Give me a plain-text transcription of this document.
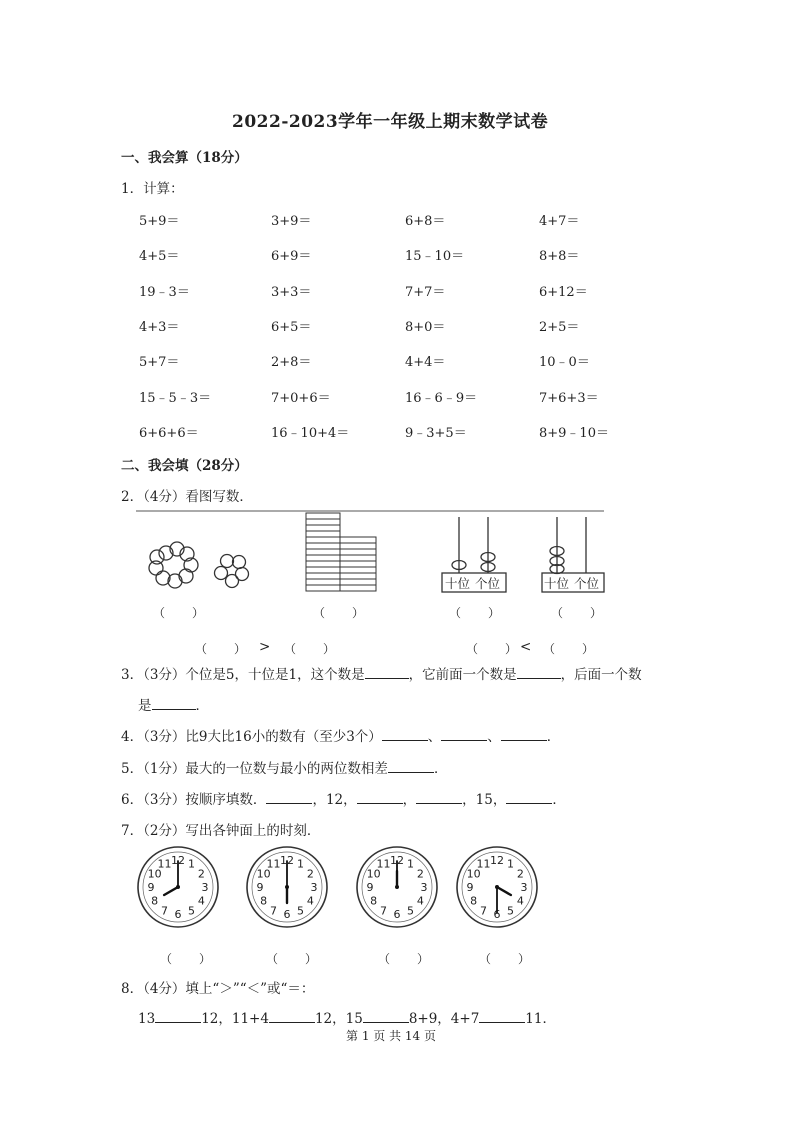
2022-2023学年一年级上期末数学试卷
一、我会算（18分）
1．计算：
5+9＝	3+9＝	6+8＝	4+7＝
4+5＝	6+9＝	15﹣10＝	8+8＝
19﹣3＝	3+3＝	7+7＝	6+12＝
4+3＝	6+5＝	8+0＝	2+5＝
5+7＝	2+8＝	4+4＝	10﹣0＝
15﹣5﹣3＝	7+0+6＝	16﹣6﹣9＝	7+6+3＝
6+6+6＝	16﹣10+4＝	9﹣3+5＝	8+9﹣10＝
二、我会填（28分）
2．（4分）看图写数．
十位 个位	十位 个位
（　　）	（　　）	（　　）	（　　）
（　　） > （　　）	（　　） < （　　）
3．（3分）个位是5，十位是1，这个数是	，它前面一个数是	，后面一个数
是	．
4．（3分）比9大比16小的数有（至少3个）	、	、	．
5．（1分）最大的一位数与最小的两位数相差	．
6．（3分）按顺序填数．	，12，	，	，15，	．
7．（2分）写出各钟面上的时刻．
12 1
2
3
4
5
6
7
8
9
10
11	12 1
2
3
4
5
6
7
8
9
10
11	12 1
2
3
4
5
6
7
8
9
10
11	12 1
2
3
4
5
6
7
8
9
10
11
（　　）	（　　）	（　　）	（　　）
8．（4分）填上“＞”“＜”或“＝：
13	12，11+4	12，15	8+9，4+7	11．
第 1 页 共 14 页
